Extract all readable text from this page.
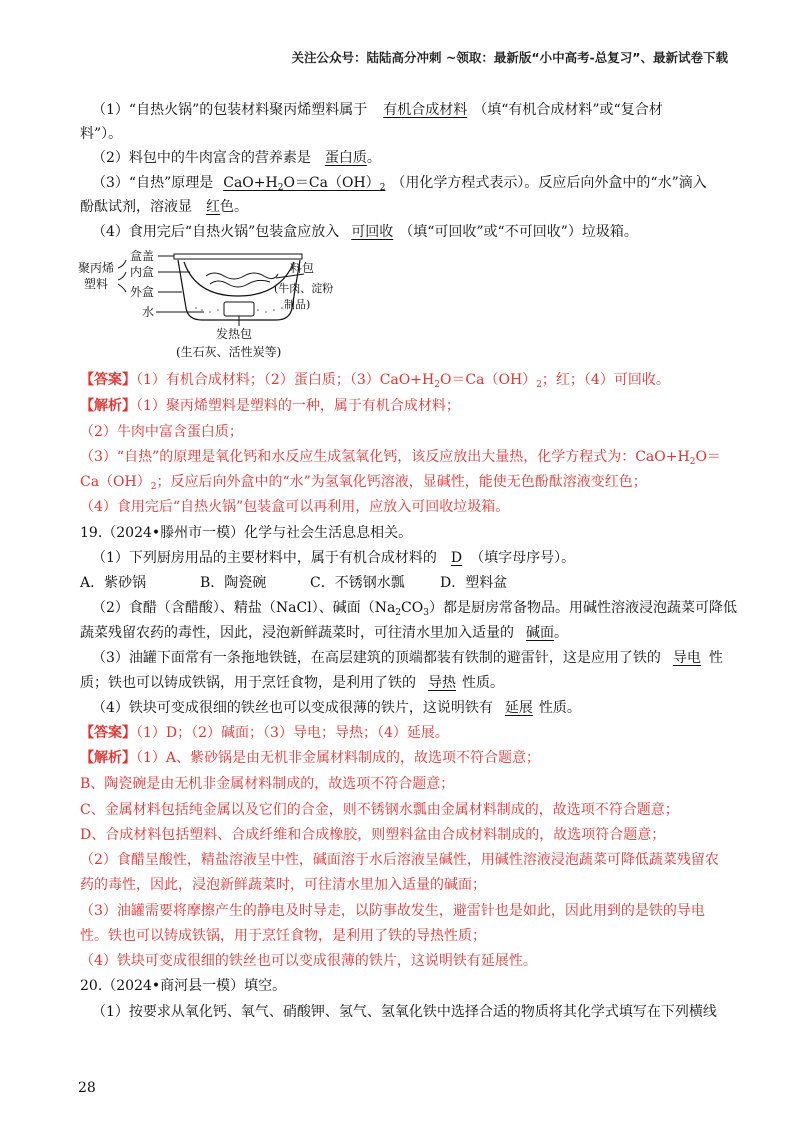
关注公众号：陆陆高分冲刺 ~领取：最新版“小中高考-总复习”、最新试卷下载
（1）“自热火锅”的包装材料聚丙烯塑料属于 有机合成材料 （填“有机合成材料”或“复合材
料”）。
（2）料包中的牛肉富含的营养素是 蛋白质。
（3）“自热”原理是 $CaO+H_2O=Ca(OH)_2$ （用化学方程式表示）。反应后向外盒中的“水”滴入
酚酞试剂，溶液显 红色。
（4）食用完后“自热火锅”包装盒应放入 可回收 （填“可回收”或“不可回收”）垃圾箱。
聚丙烯
塑料
盒盖
内盒
外盒
水
料包
(牛肉、淀粉
制品)
发热包
(生石灰、活性炭等)
【答案】（1）有机合成材料；（2）蛋白质；$(3)CaO+H_2O=Ca(OH)_2$；红；（4）可回收。
【解析】（1）聚丙烯塑料是塑料的一种，属于有机合成材料；
（2）牛肉中富含蛋白质；
（3）“自热”的原理是氧化钙和水反应生成氢氧化钙，该反应放出大量热，化学方程式为：$CaO+H_2O=$
$Ca(OH)_2$；反应后向外盒中的“水”为氢氧化钙溶液，显碱性，能使无色酚酞溶液变红色；
（4）食用完后“自热火锅”包装盒可以再利用，应放入可回收垃圾箱。
19.（2024•滕州市一模）化学与社会生活息息相关。
（1）下列厨房用品的主要材料中，属于有机合成材料的 D （填字母序号）。
A．紫砂锅	B．陶瓷碗	C．不锈钢水瓢	D．塑料盆
（2）食醋（含醋酸）、精盐（NaCl）、碱面$(Na_2CO_3)$都是厨房常备物品。用碱性溶液浸泡蔬菜可降低
蔬菜残留农药的毒性，因此，浸泡新鲜蔬菜时，可往清水里加入适量的 碱面。
（3）油罐下面常有一条拖地铁链，在高层建筑的顶端都装有铁制的避雷针，这是应用了铁的 导电 性
质；铁也可以铸成铁锅，用于烹饪食物，是利用了铁的 导热 性质。
（4）铁块可变成很细的铁丝也可以变成很薄的铁片，这说明铁有 延展 性质。
【答案】（1）D；（2）碱面；（3）导电；导热；（4）延展。
【解析】（1）A、紫砂锅是由无机非金属材料制成的，故选项不符合题意；
B、陶瓷碗是由无机非金属材料制成的，故选项不符合题意；
C、金属材料包括纯金属以及它们的合金，则不锈钢水瓢由金属材料制成的，故选项不符合题意；
D、合成材料包括塑料、合成纤维和合成橡胶，则塑料盆由合成材料制成的，故选项符合题意；
（2）食醋呈酸性，精盐溶液呈中性，碱面溶于水后溶液呈碱性，用碱性溶液浸泡蔬菜可降低蔬菜残留农
药的毒性，因此，浸泡新鲜蔬菜时，可往清水里加入适量的碱面；
（3）油罐需要将摩擦产生的静电及时导走，以防事故发生，避雷针也是如此，因此用到的是铁的导电
性。铁也可以铸成铁锅，用于烹饪食物，是利用了铁的导热性质；
（4）铁块可变成很细的铁丝也可以变成很薄的铁片，这说明铁有延展性。
20.（2024•商河县一模）填空。
（1）按要求从氧化钙、氧气、硝酸钾、氢气、氢氧化铁中选择合适的物质将其化学式填写在下列横线
28
